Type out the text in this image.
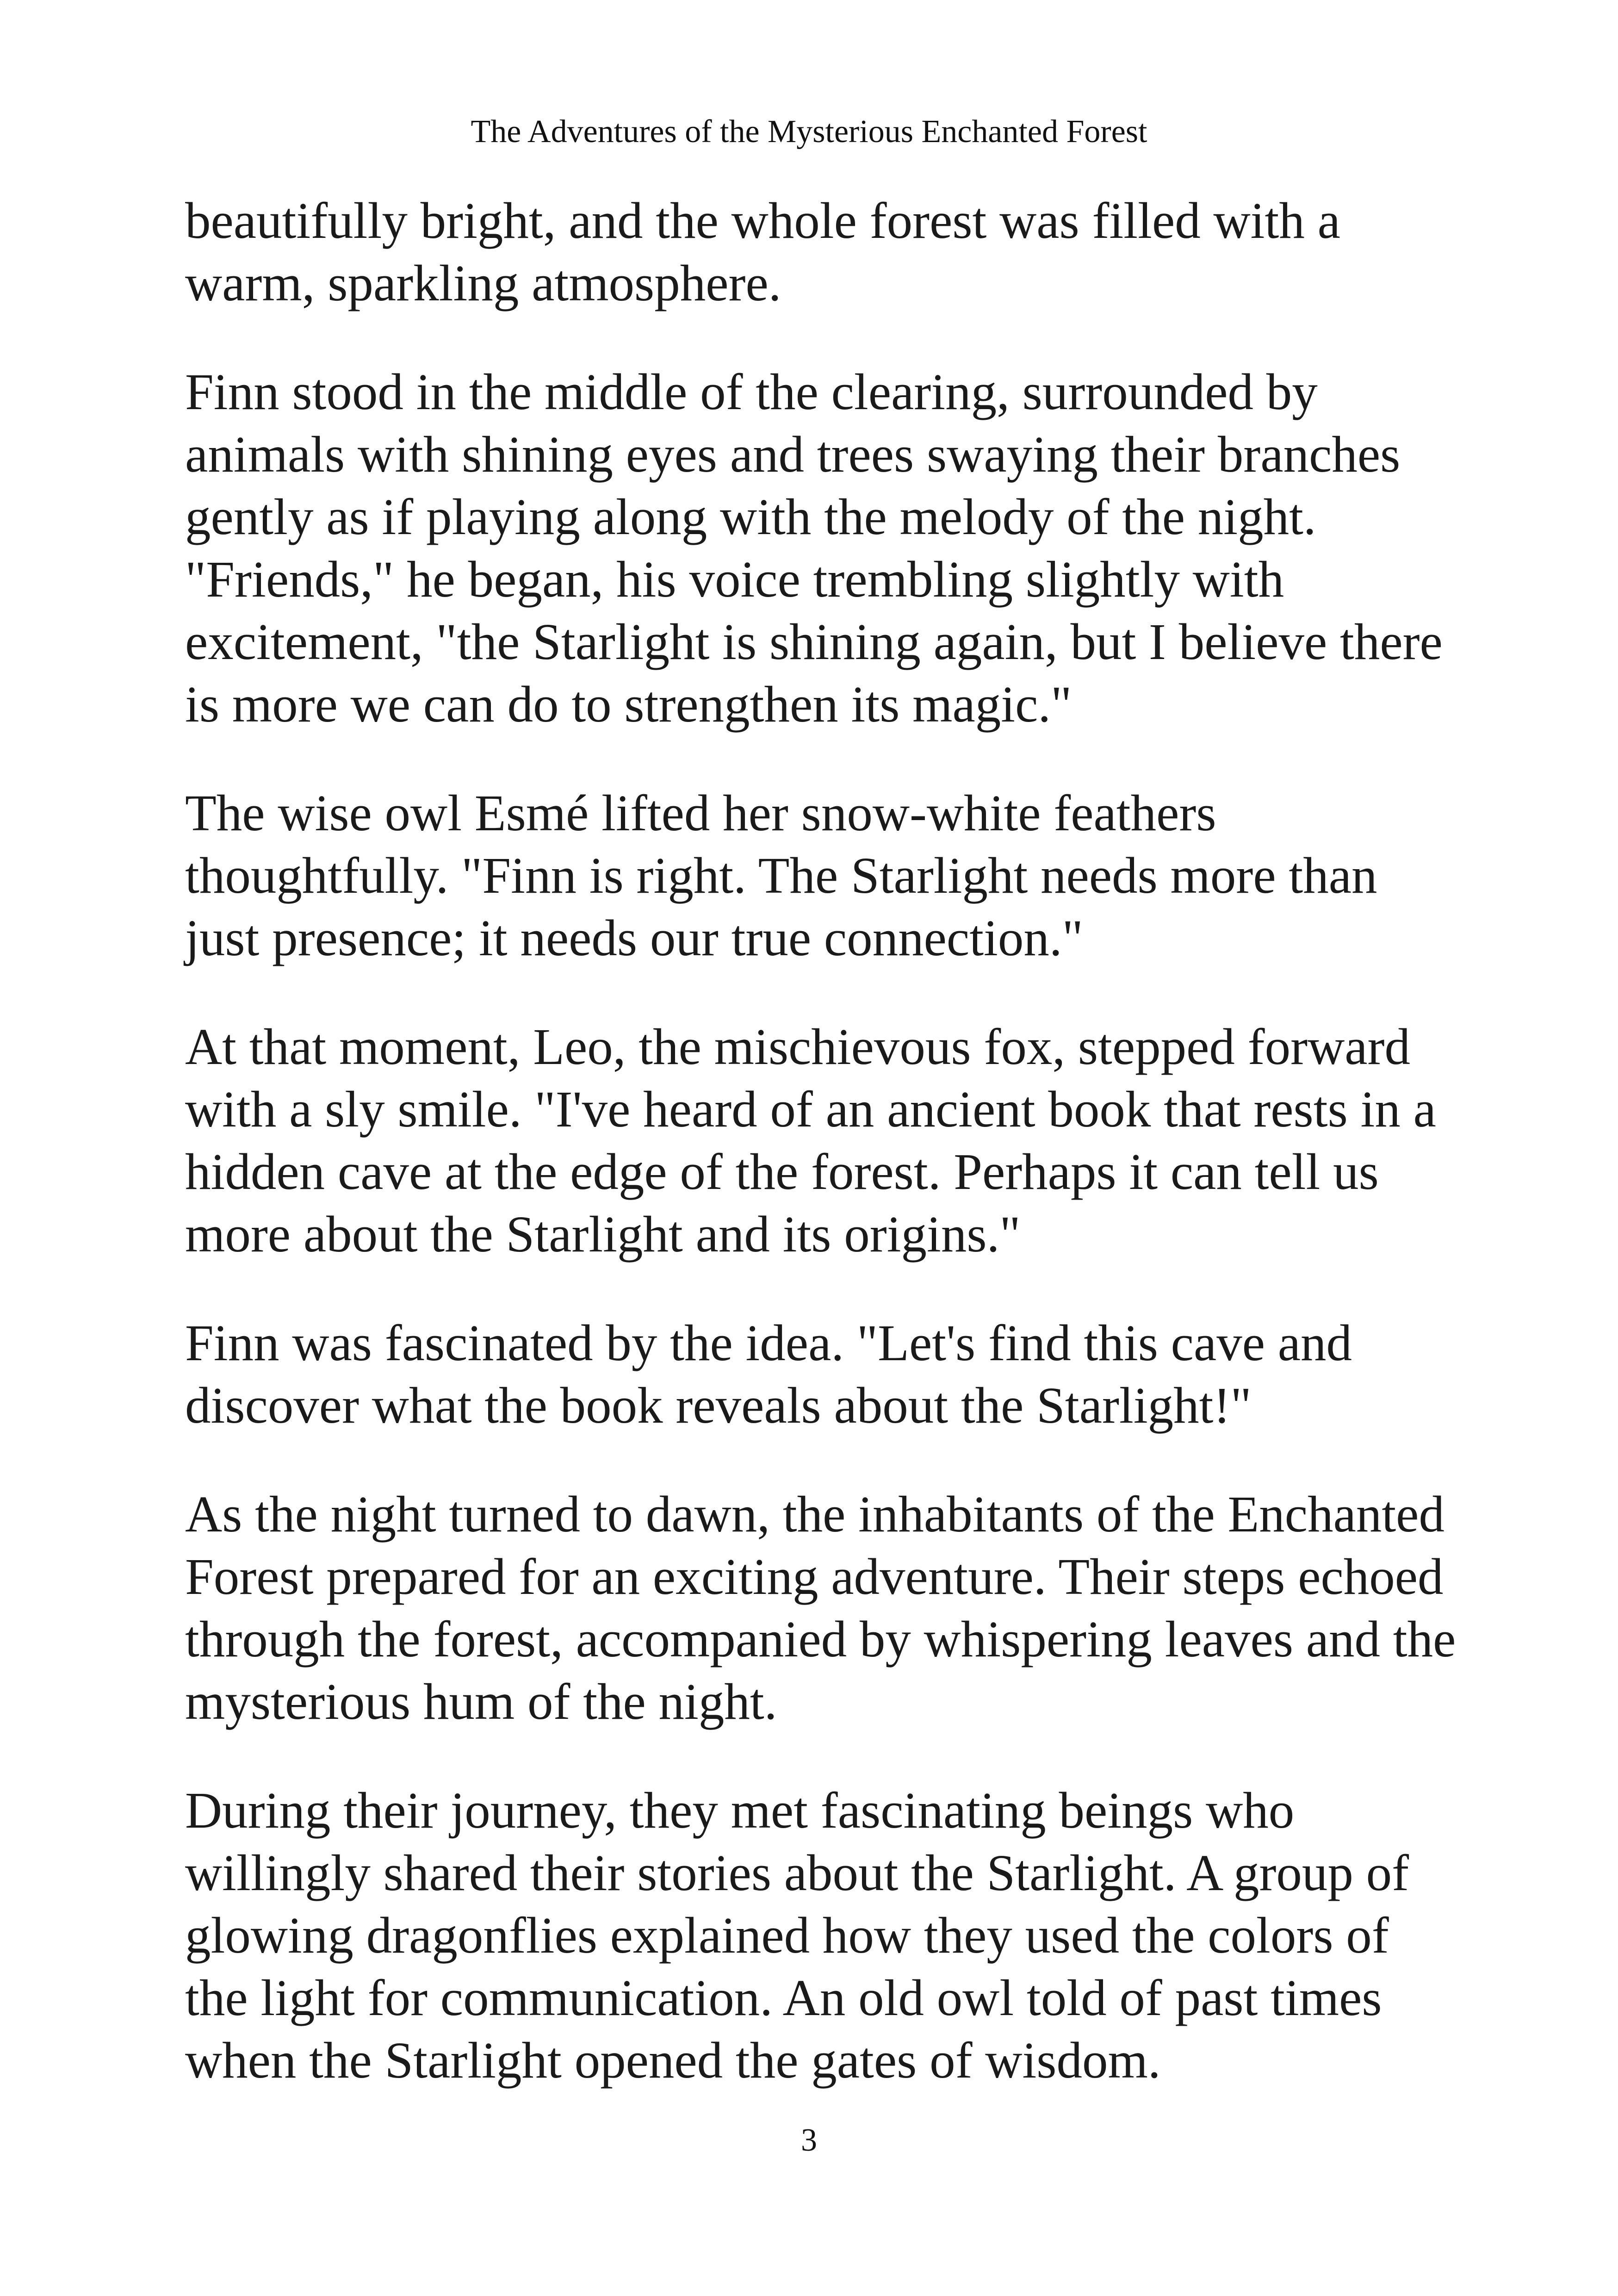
The Adventures of the Mysterious Enchanted Forest

beautifully bright, and the whole forest was filled with a warm, sparkling atmosphere.

Finn stood in the middle of the clearing, surrounded by animals with shining eyes and trees swaying their branches gently as if playing along with the melody of the night. "Friends," he began, his voice trembling slightly with excitement, "the Starlight is shining again, but I believe there is more we can do to strengthen its magic."

The wise owl Esmé lifted her snow-white feathers thoughtfully. "Finn is right. The Starlight needs more than just presence; it needs our true connection."

At that moment, Leo, the mischievous fox, stepped forward with a sly smile. "I've heard of an ancient book that rests in a hidden cave at the edge of the forest. Perhaps it can tell us more about the Starlight and its origins."

Finn was fascinated by the idea. "Let's find this cave and discover what the book reveals about the Starlight!"

As the night turned to dawn, the inhabitants of the Enchanted Forest prepared for an exciting adventure. Their steps echoed through the forest, accompanied by whispering leaves and the mysterious hum of the night.

During their journey, they met fascinating beings who willingly shared their stories about the Starlight. A group of glowing dragonflies explained how they used the colors of the light for communication. An old owl told of past times when the Starlight opened the gates of wisdom.

3
